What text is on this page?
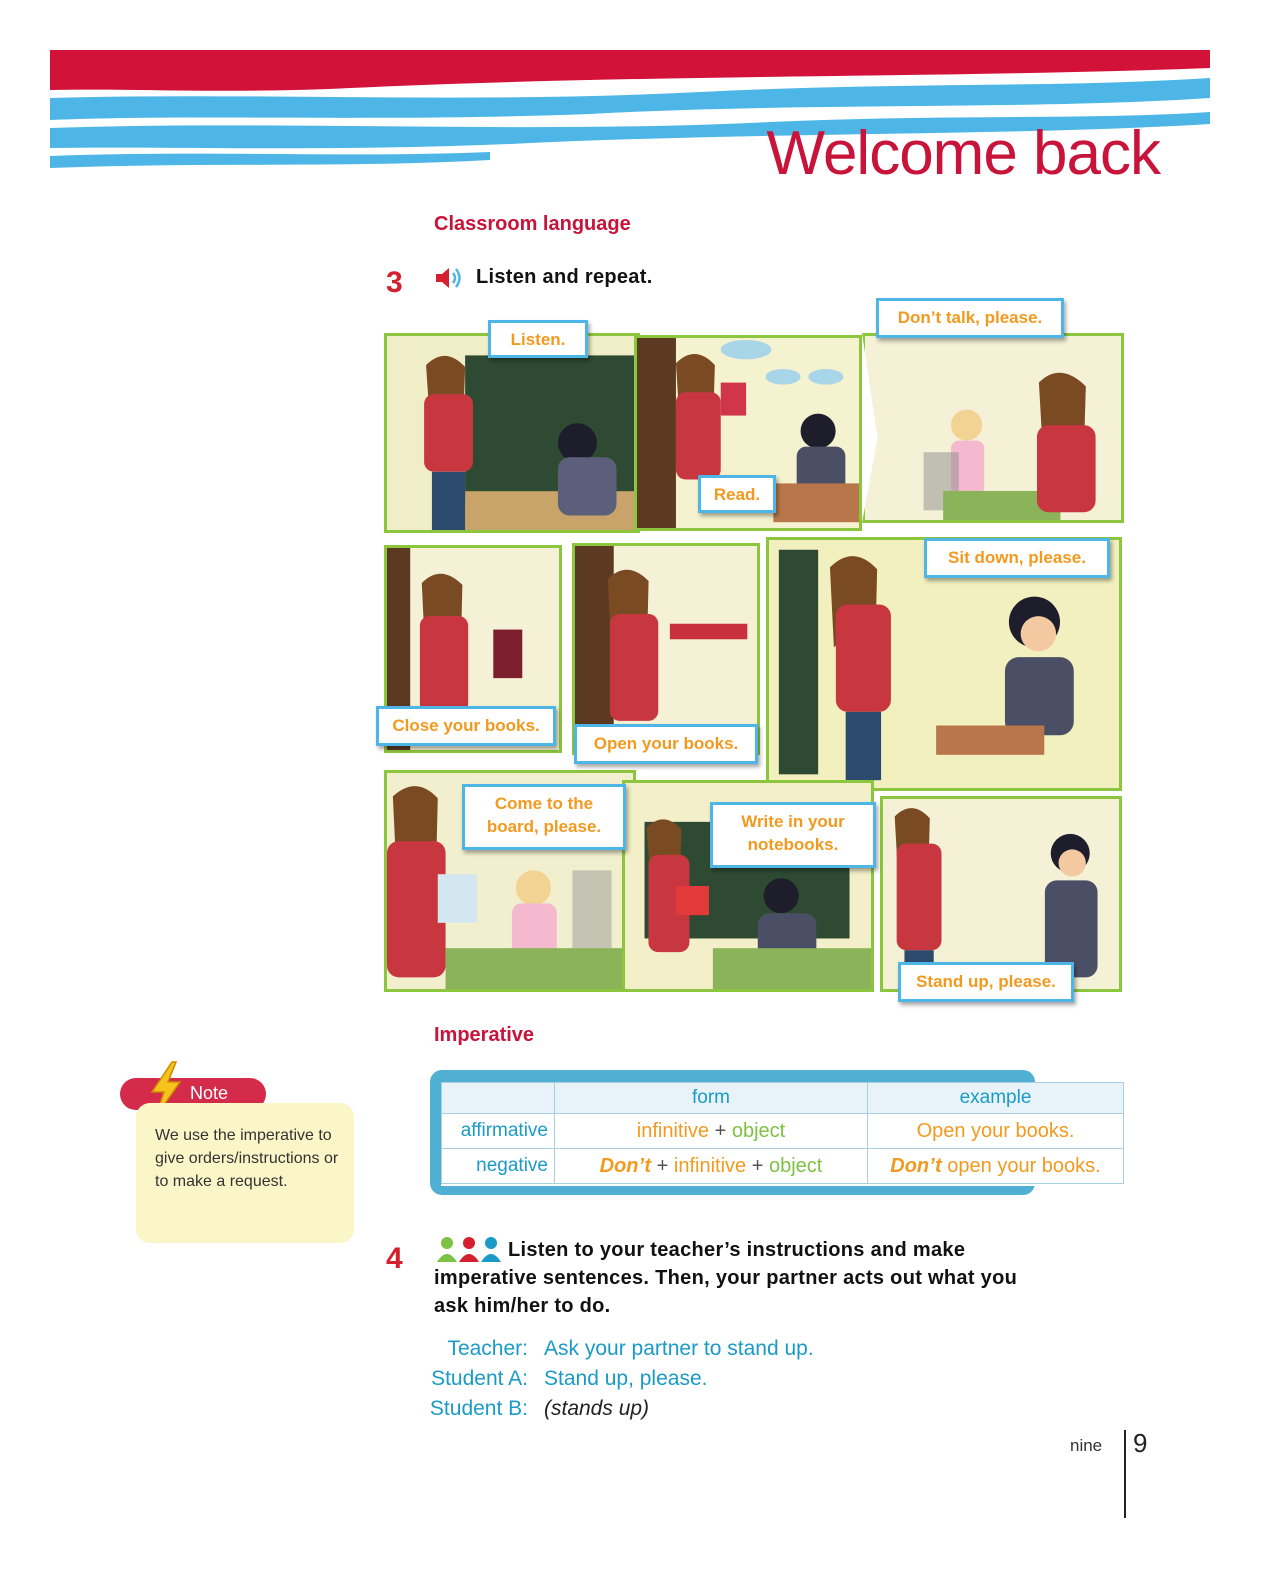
Welcome back
Classroom language
3	Listen and repeat.
Listen.
Read.
Don’t talk, please.
Close your books.
Open your books.
Sit down, please.
Come to the
board, please.	Write in your
notebooks.
Stand up, please.
Imperative
Note
We use the imperative to give orders/instructions or to make a request.
	form	example
affirmative	infinitive + object	Open your books.
negative	Don’t + infinitive + object	Don’t open your books.
4	Listen to your teacher’s instructions and make
imperative sentences. Then, your partner acts out what you
ask him/her to do.
Teacher: Ask your partner to stand up.
Student A: Stand up, please.
Student B: (stands up)
nine 9
